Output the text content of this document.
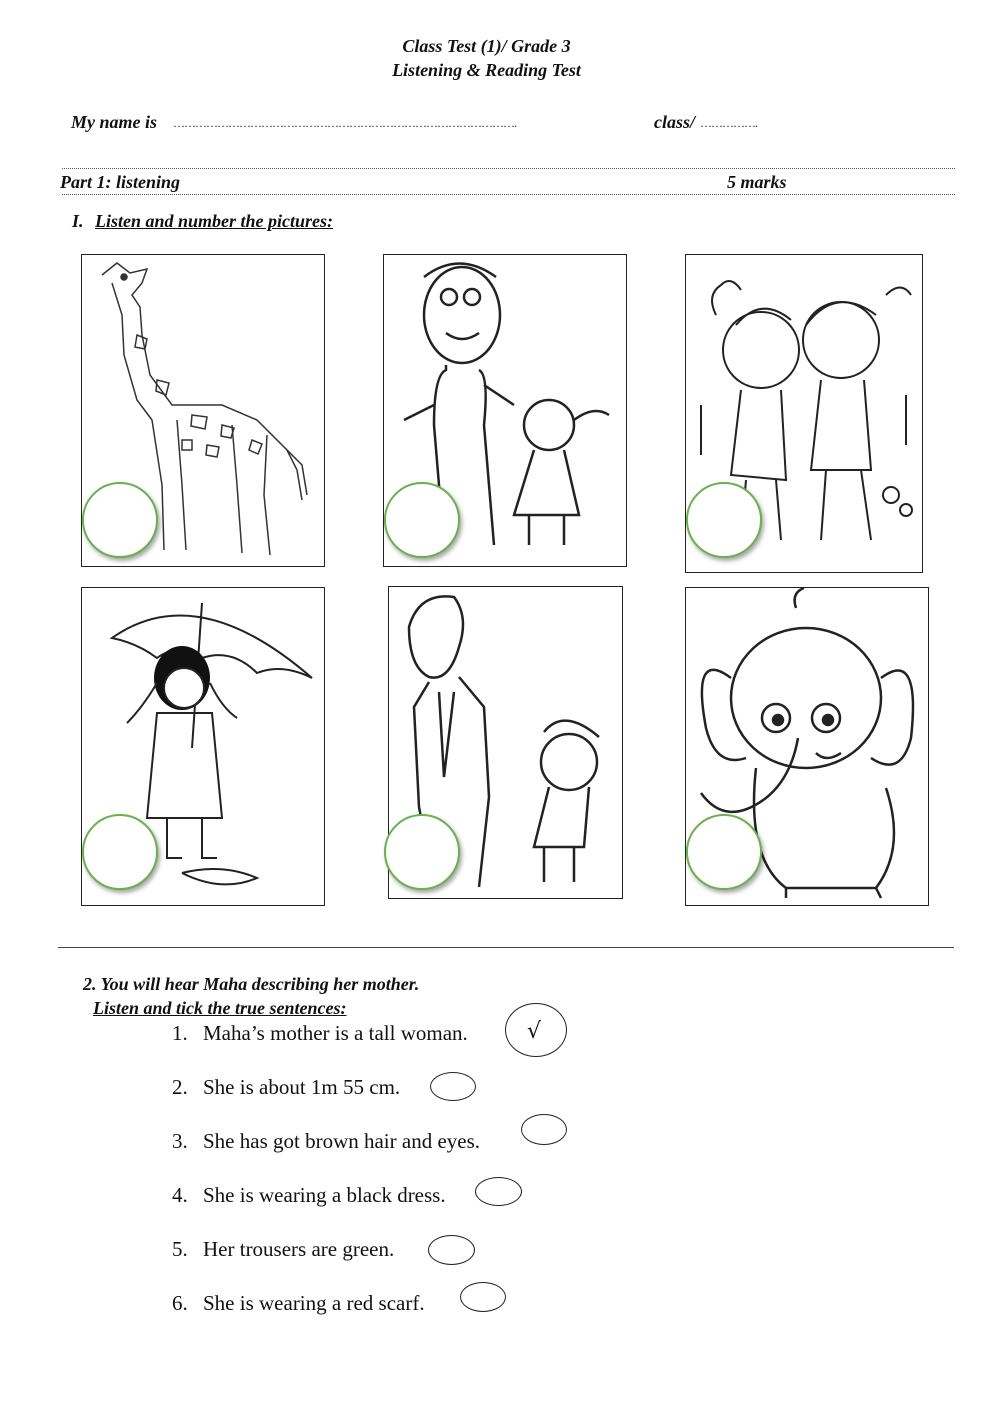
Class Test (1)/ Grade 3
Listening & Reading Test
My name is ………………………………………………………………………………….	class/ …………….
Part 1: listening	5 marks
I. Listen and number the pictures:
2. You will hear Maha describing her mother.
Listen and tick the true sentences:
1. Maha’s mother is a tall woman.	√
2. She is about 1m 55 cm.
3. She has got brown hair and eyes.
4. She is wearing a black dress.
5. Her trousers are green.
6. She is wearing a red scarf.
